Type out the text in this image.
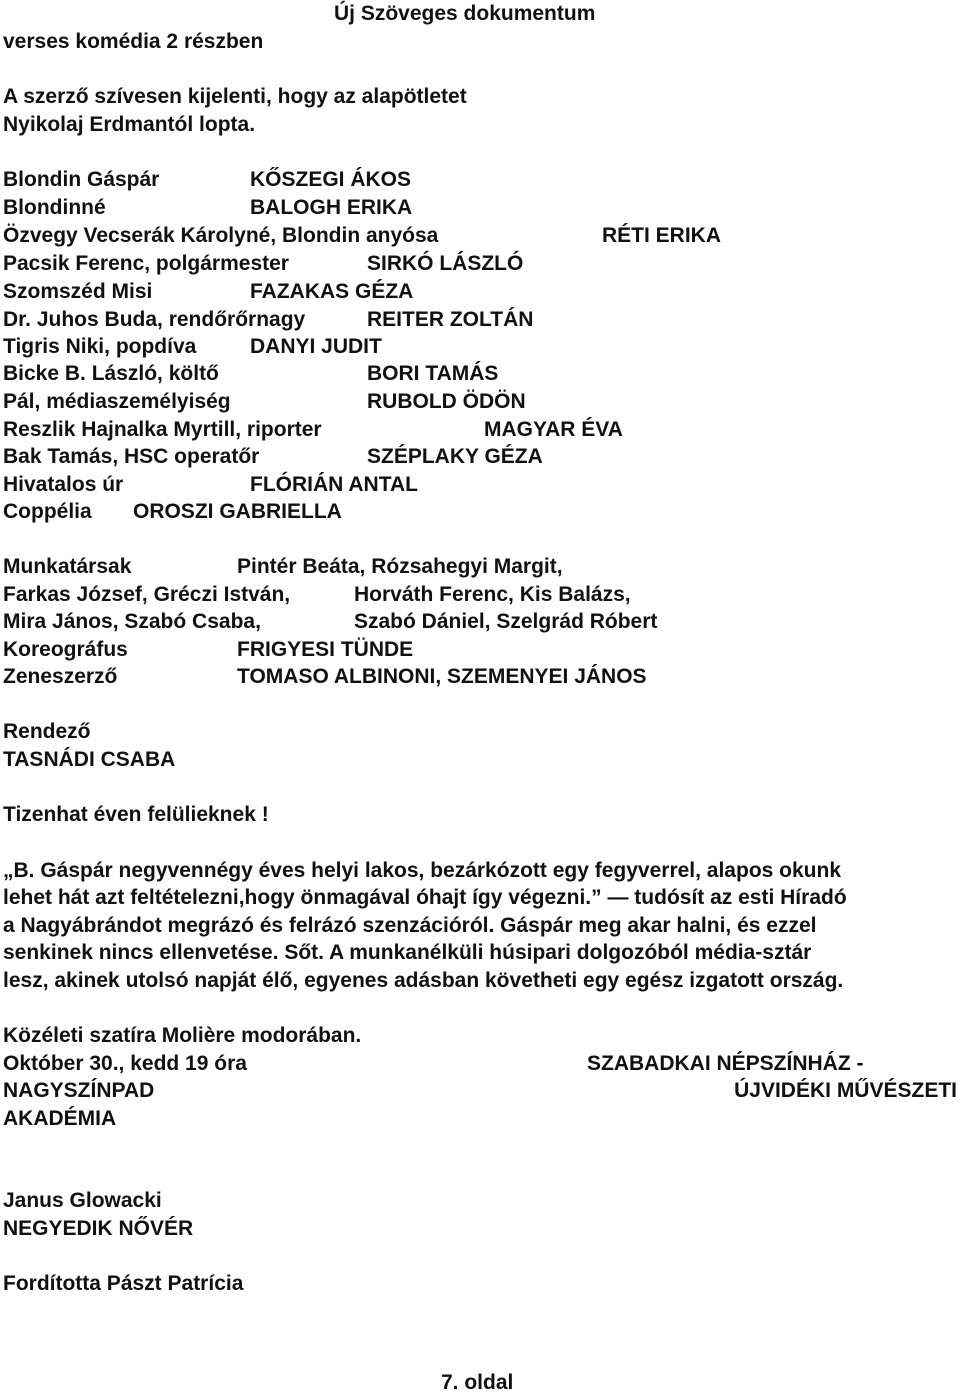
Új Szöveges dokumentum
verses komédia 2 részben
A szerző szívesen kijelenti, hogy az alapötletet
Nyikolaj Erdmantól lopta.
Blondin Gáspár	KŐSZEGI ÁKOS
Blondinné	BALOGH ERIKA
Özvegy Vecserák Károlyné, Blondin anyósa	RÉTI ERIKA
Pacsik Ferenc, polgármester	SIRKÓ LÁSZLÓ
Szomszéd Misi	FAZAKAS GÉZA
Dr. Juhos Buda, rendőrőrnagy	REITER ZOLTÁN
Tigris Niki, popdíva	DANYI JUDIT
Bicke B. László, költő	BORI TAMÁS
Pál, médiaszemélyiség	RUBOLD ÖDÖN
Reszlik Hajnalka Myrtill, riporter	MAGYAR ÉVA
Bak Tamás, HSC operatőr	SZÉPLAKY GÉZA
Hivatalos úr	FLÓRIÁN ANTAL
Coppélia OROSZI GABRIELLA
Munkatársak	Pintér Beáta, Rózsahegyi Margit,
Farkas József, Gréczi István,	Horváth Ferenc, Kis Balázs,
Mira János, Szabó Csaba,	Szabó Dániel, Szelgrád Róbert
Koreográfus	FRIGYESI TÜNDE
Zeneszerző	TOMASO ALBINONI, SZEMENYEI JÁNOS
Rendező
TASNÁDI CSABA
Tizenhat éven felülieknek !
„B. Gáspár negyvennégy éves helyi lakos, bezárkózott egy fegyverrel, alapos okunk
lehet hát azt feltételezni,hogy önmagával óhajt így végezni.” — tudósít az esti Híradó
a Nagyábrándot megrázó és felrázó szenzációról. Gáspár meg akar halni, és ezzel
senkinek nincs ellenvetése. Sőt. A munkanélküli húsipari dolgozóból média-sztár
lesz, akinek utolsó napját élő, egyenes adásban követheti egy egész izgatott ország.
Közéleti szatíra Molière modorában.
Október 30., kedd 19 óra	SZABADKAI NÉPSZÍNHÁZ -
NAGYSZÍNPAD	ÚJVIDÉKI MŰVÉSZETI
AKADÉMIA
Janus Glowacki
NEGYEDIK NŐVÉR
Fordította Pászt Patrícia
7. oldal
